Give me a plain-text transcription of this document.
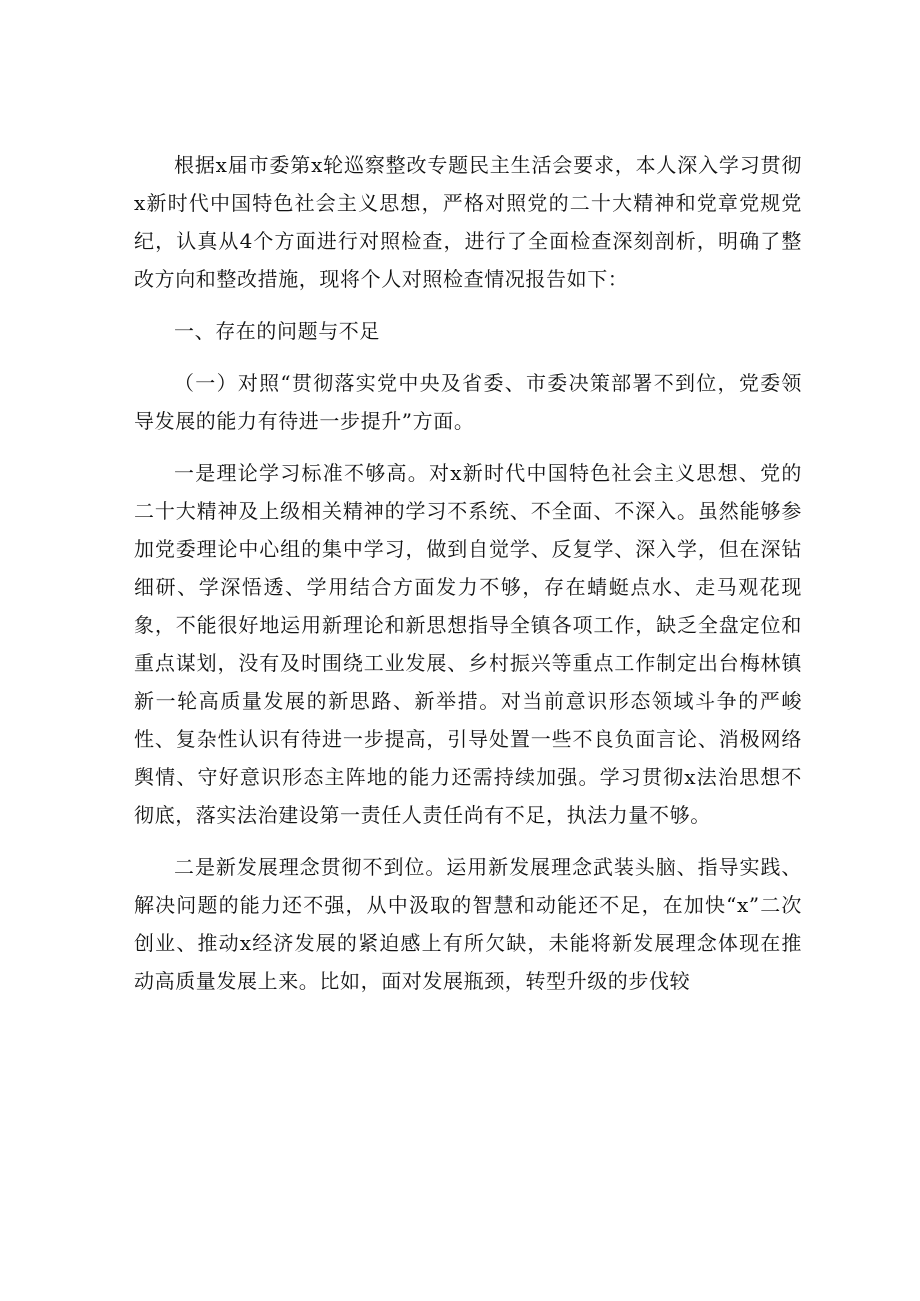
根据x届市委第x轮巡察整改专题民主生活会要求，本人深入学习贯彻x新时代中国特色社会主义思想，严格对照党的二十大精神和党章党规党纪，认真从4个方面进行对照检查，进行了全面检查深刻剖析，明确了整改方向和整改措施，现将个人对照检查情况报告如下：

一、存在的问题与不足

（一）对照“贯彻落实党中央及省委、市委决策部署不到位，党委领导发展的能力有待进一步提升”方面。

一是理论学习标准不够高。对x新时代中国特色社会主义思想、党的二十大精神及上级相关精神的学习不系统、不全面、不深入。虽然能够参加党委理论中心组的集中学习，做到自觉学、反复学、深入学，但在深钻细研、学深悟透、学用结合方面发力不够，存在蜻蜓点水、走马观花现象，不能很好地运用新理论和新思想指导全镇各项工作，缺乏全盘定位和重点谋划，没有及时围绕工业发展、乡村振兴等重点工作制定出台梅林镇新一轮高质量发展的新思路、新举措。对当前意识形态领域斗争的严峻性、复杂性认识有待进一步提高，引导处置一些不良负面言论、消极网络舆情、守好意识形态主阵地的能力还需持续加强。学习贯彻x法治思想不彻底，落实法治建设第一责任人责任尚有不足，执法力量不够。

二是新发展理念贯彻不到位。运用新发展理念武装头脑、指导实践、解决问题的能力还不强，从中汲取的智慧和动能还不足，在加快“x”二次创业、推动x经济发展的紧迫感上有所欠缺，未能将新发展理念体现在推动高质量发展上来。比如，面对发展瓶颈，转型升级的步伐较
